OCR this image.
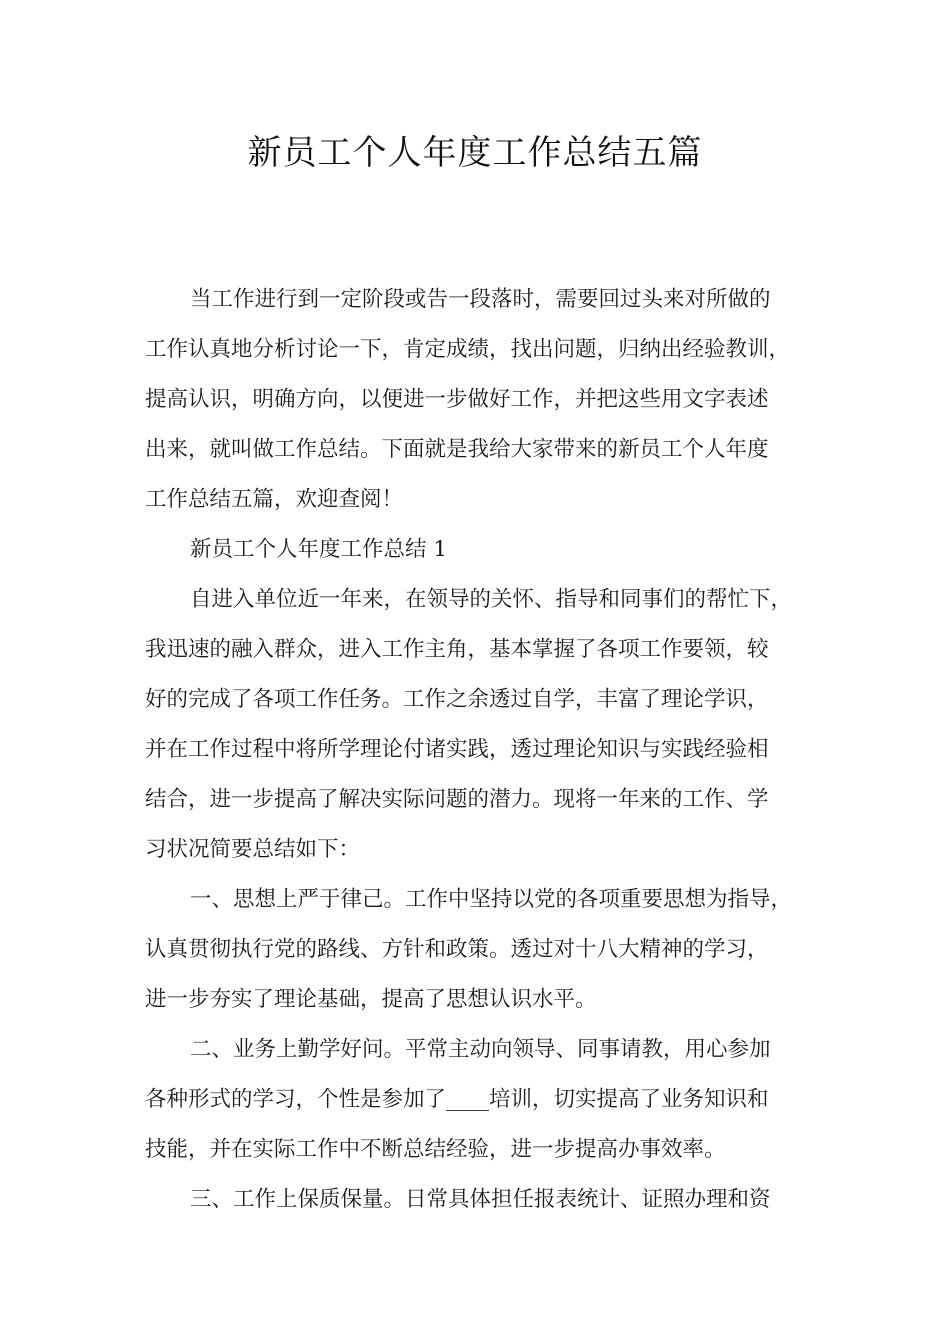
新员工个人年度工作总结五篇
当工作进行到一定阶段或告一段落时，需要回过头来对所做的
工作认真地分析讨论一下，肯定成绩，找出问题，归纳出经验教训，
提高认识，明确方向，以便进一步做好工作，并把这些用文字表述
出来，就叫做工作总结。下面就是我给大家带来的新员工个人年度
工作总结五篇，欢迎查阅！
新员工个人年度工作总结 1
自进入单位近一年来，在领导的关怀、指导和同事们的帮忙下，
我迅速的融入群众，进入工作主角，基本掌握了各项工作要领，较
好的完成了各项工作任务。工作之余透过自学，丰富了理论学识，
并在工作过程中将所学理论付诸实践，透过理论知识与实践经验相
结合，进一步提高了解决实际问题的潜力。现将一年来的工作、学
习状况简要总结如下：
一、思想上严于律己。工作中坚持以党的各项重要思想为指导，
认真贯彻执行党的路线、方针和政策。透过对十八大精神的学习，
进一步夯实了理论基础，提高了思想认识水平。
二、业务上勤学好问。平常主动向领导、同事请教，用心参加
各种形式的学习，个性是参加了____培训，切实提高了业务知识和
技能，并在实际工作中不断总结经验，进一步提高办事效率。
三、工作上保质保量。日常具体担任报表统计、证照办理和资
